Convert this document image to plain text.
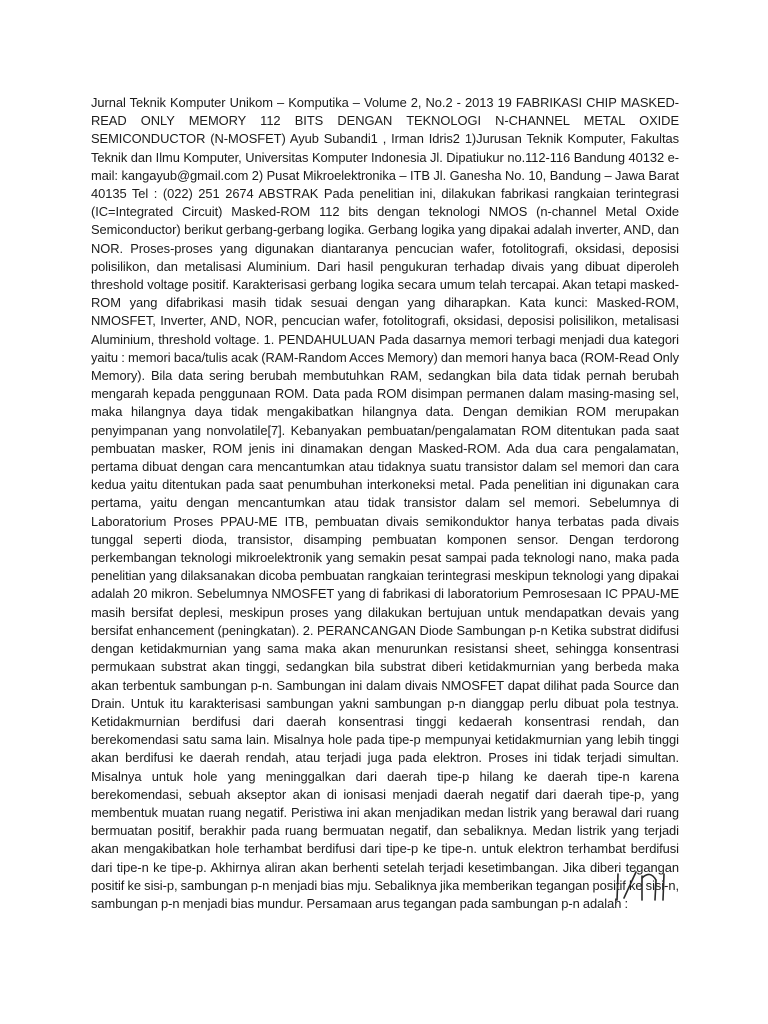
Jurnal Teknik Komputer Unikom – Komputika – Volume 2, No.2 - 2013 19 FABRIKASI CHIP MASKED-READ ONLY MEMORY 112 BITS DENGAN TEKNOLOGI N-CHANNEL METAL OXIDE SEMICONDUCTOR (N-MOSFET) Ayub Subandi1 , Irman Idris2 1)Jurusan Teknik Komputer, Fakultas Teknik dan Ilmu Komputer, Universitas Komputer Indonesia Jl. Dipatiukur no.112-116 Bandung 40132 e-mail: kangayub@gmail.com 2) Pusat Mikroelektronika – ITB Jl. Ganesha No. 10, Bandung – Jawa Barat 40135 Tel : (022) 251 2674 ABSTRAK Pada penelitian ini, dilakukan fabrikasi rangkaian terintegrasi (IC=Integrated Circuit) Masked-ROM 112 bits dengan teknologi NMOS (n-channel Metal Oxide Semiconductor) berikut gerbang-gerbang logika. Gerbang logika yang dipakai adalah inverter, AND, dan NOR. Proses-proses yang digunakan diantaranya pencucian wafer, fotolitografi, oksidasi, deposisi polisilikon, dan metalisasi Aluminium. Dari hasil pengukuran terhadap divais yang dibuat diperoleh threshold voltage positif. Karakterisasi gerbang logika secara umum telah tercapai. Akan tetapi masked-ROM yang difabrikasi masih tidak sesuai dengan yang diharapkan. Kata kunci: Masked-ROM, NMOSFET, Inverter, AND, NOR, pencucian wafer, fotolitografi, oksidasi, deposisi polisilikon, metalisasi Aluminium, threshold voltage. 1. PENDAHULUAN Pada dasarnya memori terbagi menjadi dua kategori yaitu : memori baca/tulis acak (RAM-Random Acces Memory) dan memori hanya baca (ROM-Read Only Memory). Bila data sering berubah membutuhkan RAM, sedangkan bila data tidak pernah berubah mengarah kepada penggunaan ROM. Data pada ROM disimpan permanen dalam masing-masing sel, maka hilangnya daya tidak mengakibatkan hilangnya data. Dengan demikian ROM merupakan penyimpanan yang nonvolatile[7]. Kebanyakan pembuatan/pengalamatan ROM ditentukan pada saat pembuatan masker, ROM jenis ini dinamakan dengan Masked-ROM. Ada dua cara pengalamatan, pertama dibuat dengan cara mencantumkan atau tidaknya suatu transistor dalam sel memori dan cara kedua yaitu ditentukan pada saat penumbuhan interkoneksi metal. Pada penelitian ini digunakan cara pertama, yaitu dengan mencantumkan atau tidak transistor dalam sel memori. Sebelumnya di Laboratorium Proses PPAU-ME ITB, pembuatan divais semikonduktor hanya terbatas pada divais tunggal seperti dioda, transistor, disamping pembuatan komponen sensor. Dengan terdorong perkembangan teknologi mikroelektronik yang semakin pesat sampai pada teknologi nano, maka pada penelitian yang dilaksanakan dicoba pembuatan rangkaian terintegrasi meskipun teknologi yang dipakai adalah 20 mikron. Sebelumnya NMOSFET yang di fabrikasi di laboratorium Pemrosesaan IC PPAU-ME masih bersifat deplesi, meskipun proses yang dilakukan bertujuan untuk mendapatkan devais yang bersifat enhancement (peningkatan). 2. PERANCANGAN Diode Sambungan p-n Ketika substrat didifusi dengan ketidakmurnian yang sama maka akan menurunkan resistansi sheet, sehingga konsentrasi permukaan substrat akan tinggi, sedangkan bila substrat diberi ketidakmurnian yang berbeda maka akan terbentuk sambungan p-n. Sambungan ini dalam divais NMOSFET dapat dilihat pada Source dan Drain. Untuk itu karakterisasi sambungan yakni sambungan p-n dianggap perlu dibuat pola testnya. Ketidakmurnian berdifusi dari daerah konsentrasi tinggi kedaerah konsentrasi rendah, dan berekomendasi satu sama lain. Misalnya hole pada tipe-p mempunyai ketidakmurnian yang lebih tinggi akan berdifusi ke daerah rendah, atau terjadi juga pada elektron. Proses ini tidak terjadi simultan. Misalnya untuk hole yang meninggalkan dari daerah tipe-p hilang ke daerah tipe-n karena berekomendasi, sebuah akseptor akan di ionisasi menjadi daerah negatif dari daerah tipe-p, yang membentuk muatan ruang negatif. Peristiwa ini akan menjadikan medan listrik yang berawal dari ruang bermuatan positif, berakhir pada ruang bermuatan negatif, dan sebaliknya. Medan listrik yang terjadi akan mengakibatkan hole terhambat berdifusi dari tipe-p ke tipe-n. untuk elektron terhambat berdifusi dari tipe-n ke tipe-p. Akhirnya aliran akan berhenti setelah terjadi kesetimbangan. Jika diberi tegangan positif ke sisi-p, sambungan p-n menjadi bias mju. Sebaliknya jika memberikan tegangan positif ke sisi-n, sambungan p-n menjadi bias mundur. Persamaan arus tegangan pada sambungan p-n adalah :
